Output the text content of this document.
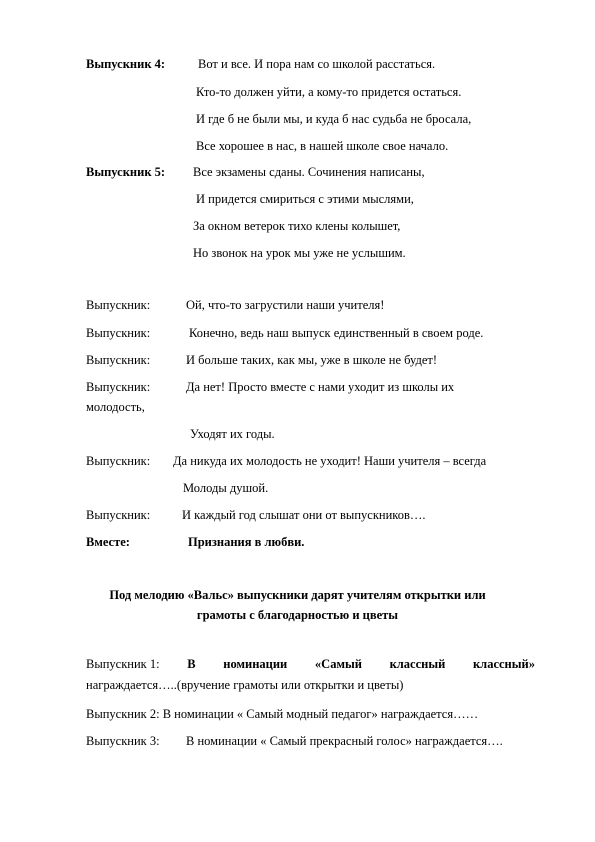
Выпускник 4:	Вот и все. И пора нам со школой расстаться.
Кто-то должен уйти, а кому-то придется остаться.
И где б не были мы, и куда б нас судьба не бросала,
Все хорошее в нас, в нашей школе свое начало.
Выпускник 5: Все экзамены сданы. Сочинения написаны,
И придется смириться с этими мыслями,
За окном ветерок тихо клены колышет,
Но звонок на урок мы уже не услышим.
Выпускник:	Ой, что-то загрустили наши учителя!
Выпускник:	Конечно, ведь наш выпуск единственный в своем роде.
Выпускник:	И больше таких, как мы, уже в школе не будет!
Выпускник:	Да нет! Просто вместе с нами уходит из школы их
молодость,
Уходят их годы.
Выпускник: Да никуда их молодость не уходит! Наши учителя – всегда
Молоды душой.
Выпускник:	И каждый год слышат они от выпускников….
Вместе:	Признания в любви.
Под мелодию «Вальс» выпускники дарят учителям открытки или
грамоты с благодарностью и цветы
Выпускник 1: В номинации «Самый классный классный»
награждается…..(вручение грамоты или открытки и цветы)
Выпускник 2: В номинации « Самый модный педагог» награждается……
Выпускник 3: В номинации « Самый прекрасный голос» награждается….
